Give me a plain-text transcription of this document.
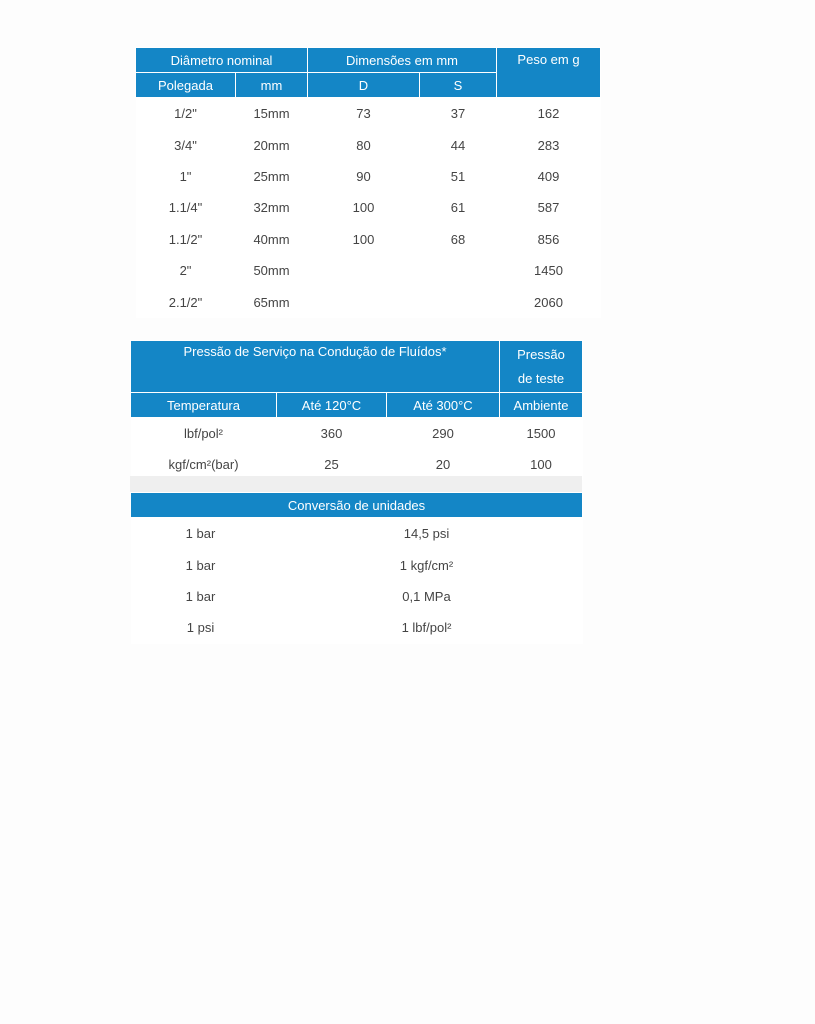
Diâmetro nominal		Dimensões em mm		Peso em g
Polegada	mm	D	S	
1/2"	15mm	73	37	162
3/4"	20mm	80	44	283
1"	25mm	90	51	409
1.1/4"	32mm	100	61	587
1.1/2"	40mm	100	68	856
2"	50mm			1450
2.1/2"	65mm			2060
Pressão de Serviço na Condução de Fluídos*			Pressão
de teste

Temperatura	Até 120°C	Até 300°C	Ambiente
lbf/pol²	360	290	1500
kgf/cm²(bar)	25	20	100
Conversão de unidades	
1 bar	14,5 psi
1 bar	1 kgf/cm²
1 bar	0,1 MPa
1 psi	1 lbf/pol²
